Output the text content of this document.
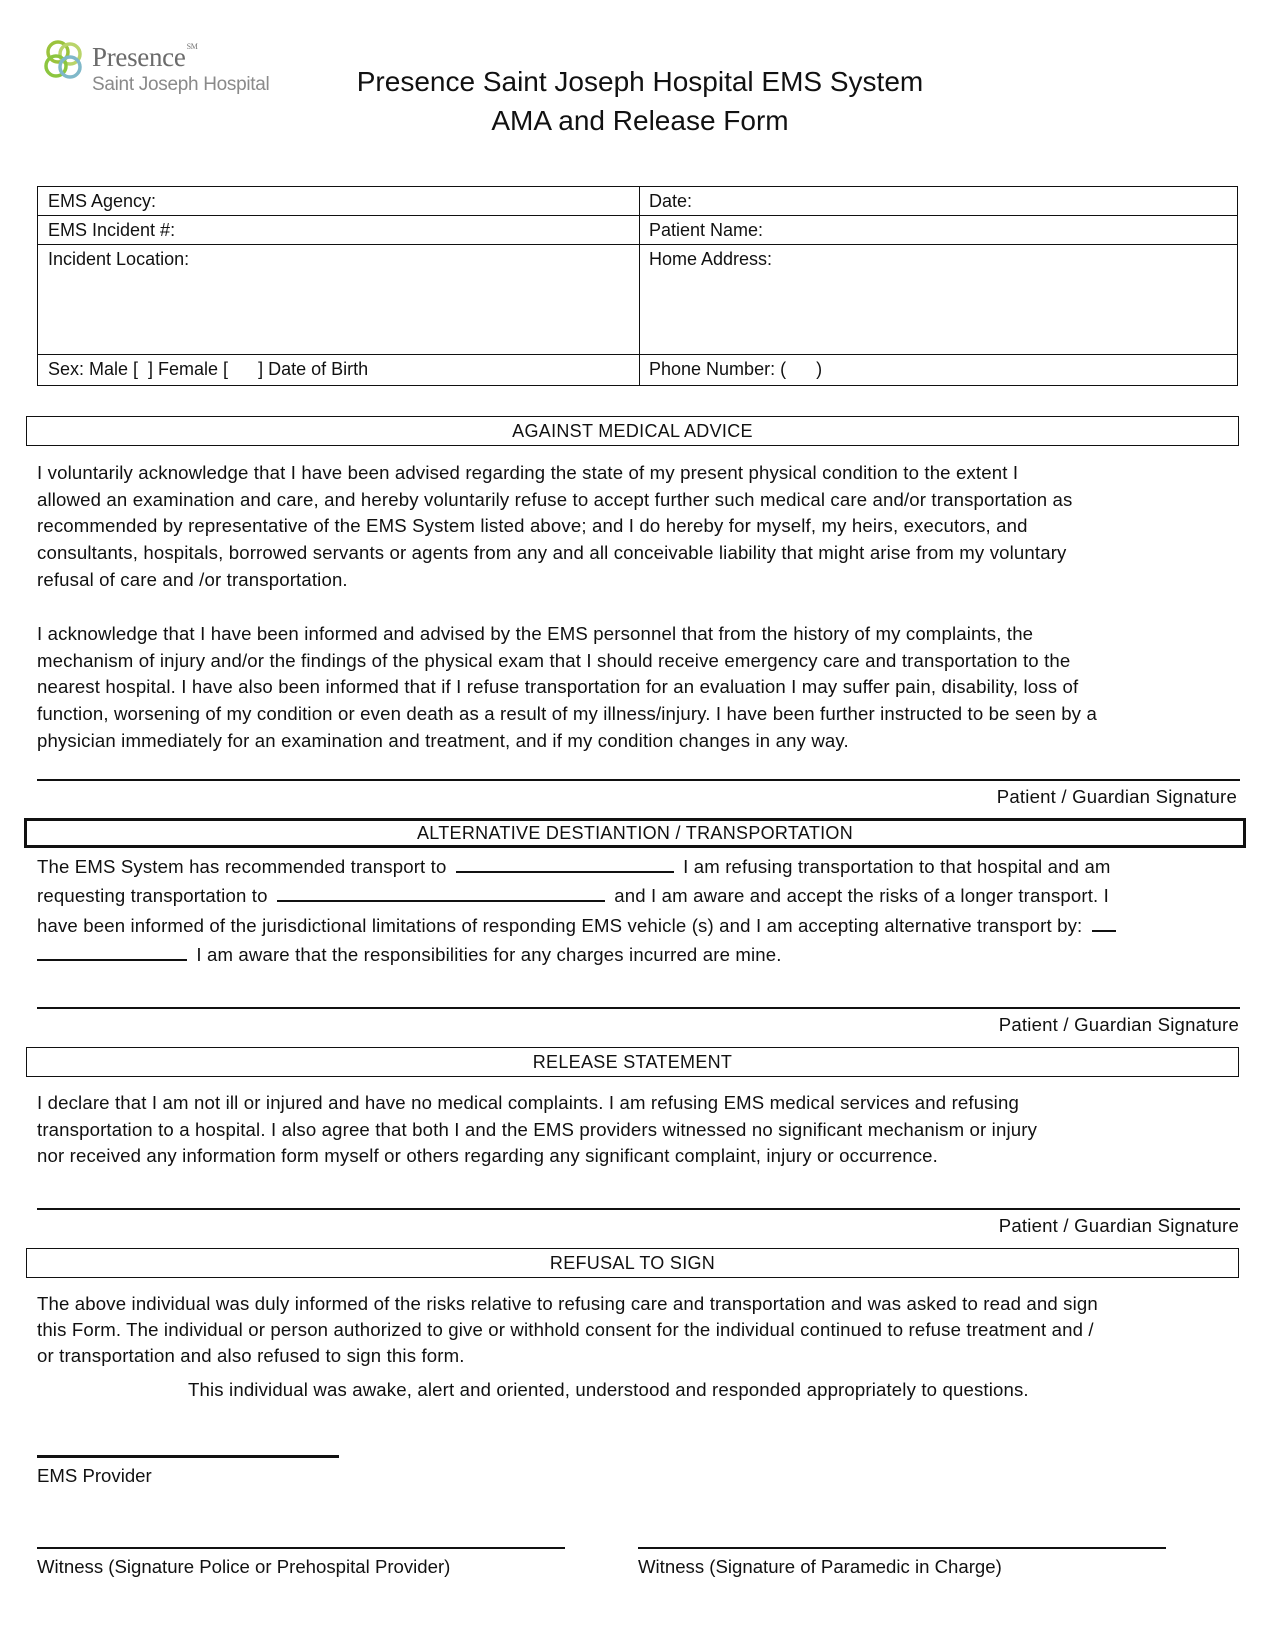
Presence℠
Saint Joseph Hospital	Presence Saint Joseph Hospital EMS System
AMA and Release Form
EMS Agency:	Date:
EMS Incident #:	Patient Name:
Incident Location:	Home Address:
Sex: Male [  ] Female [      ] Date of Birth	Phone Number: (      )
AGAINST MEDICAL ADVICE
I voluntarily acknowledge that I have been advised regarding the state of my present physical condition to the extent I
allowed an examination and care, and hereby voluntarily refuse to accept further such medical care and/or transportation as
recommended by representative of the EMS System listed above; and I do hereby for myself, my heirs, executors, and
consultants, hospitals, borrowed servants or agents from any and all conceivable liability that might arise from my voluntary
refusal of care and /or transportation.
I acknowledge that I have been informed and advised by the EMS personnel that from the history of my complaints, the
mechanism of injury and/or the findings of the physical exam that I should receive emergency care and transportation to the
nearest hospital. I have also been informed that if I refuse transportation for an evaluation I may suffer pain, disability, loss of
function, worsening of my condition or even death as a result of my illness/injury. I have been further instructed to be seen by a
physician immediately for an examination and treatment, and if my condition changes in any way.
Patient / Guardian Signature
ALTERNATIVE DESTIANTION / TRANSPORTATION
The EMS System has recommended transport to	I am refusing transportation to that hospital and am
requesting transportation to	and I am aware and accept the risks of a longer transport. I
have been informed of the jurisdictional limitations of responding EMS vehicle (s) and I am accepting alternative transport by:
I am aware that the responsibilities for any charges incurred are mine.
Patient / Guardian Signature
RELEASE STATEMENT
I declare that I am not ill or injured and have no medical complaints. I am refusing EMS medical services and refusing
transportation to a hospital. I also agree that both I and the EMS providers witnessed no significant mechanism or injury
nor received any information form myself or others regarding any significant complaint, injury or occurrence.
Patient / Guardian Signature
REFUSAL TO SIGN
The above individual was duly informed of the risks relative to refusing care and transportation and was asked to read and sign
this Form. The individual or person authorized to give or withhold consent for the individual continued to refuse treatment and /
or transportation and also refused to sign this form.
This individual was awake, alert and oriented, understood and responded appropriately to questions.
EMS Provider
Witness (Signature Police or Prehospital Provider)	Witness (Signature of Paramedic in Charge)
